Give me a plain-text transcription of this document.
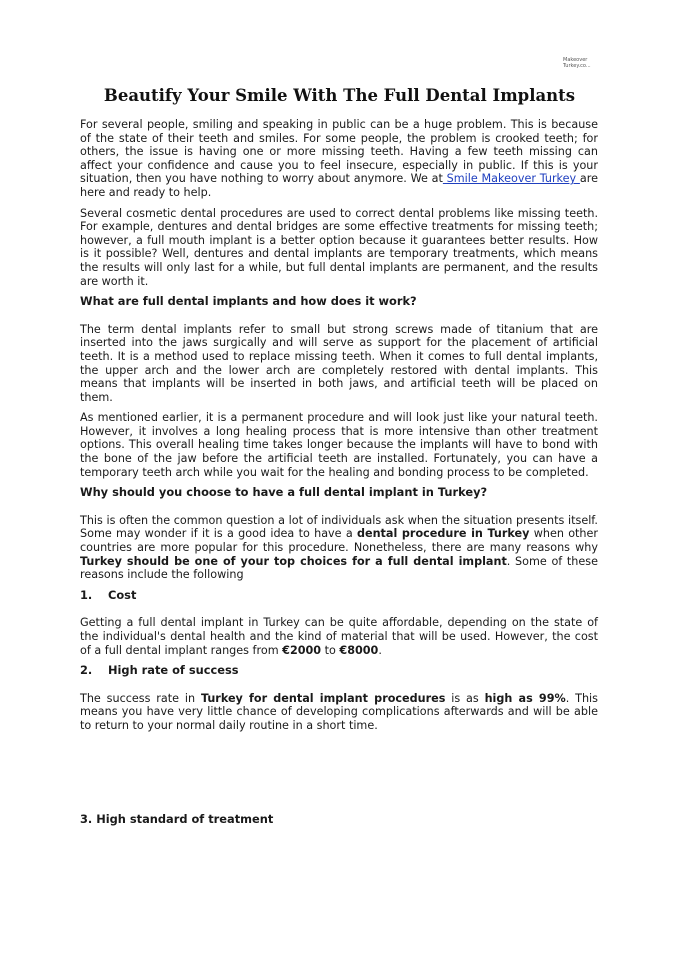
Makeover
Turkey.co...
Beautify Your Smile With The Full Dental Implants

For several people, smiling and speaking in public can be a huge problem. This is because of the state of their teeth and smiles. For some people, the problem is crooked teeth; for others, the issue is having one or more missing teeth. Having a few teeth missing can affect your confidence and cause you to feel insecure, especially in public. If this is your situation, then you have nothing to worry about anymore. We at Smile Makeover Turkey are here and ready to help.

Several cosmetic dental procedures are used to correct dental problems like missing teeth. For example, dentures and dental bridges are some effective treatments for missing teeth; however, a full mouth implant is a better option because it guarantees better results. How is it possible? Well, dentures and dental implants are temporary treatments, which means the results will only last for a while, but full dental implants are permanent, and the results are worth it.

What are full dental implants and how does it work?

The term dental implants refer to small but strong screws made of titanium that are inserted into the jaws surgically and will serve as support for the placement of artificial teeth. It is a method used to replace missing teeth. When it comes to full dental implants, the upper arch and the lower arch are completely restored with dental implants. This means that implants will be inserted in both jaws, and artificial teeth will be placed on them.

As mentioned earlier, it is a permanent procedure and will look just like your natural teeth. However, it involves a long healing process that is more intensive than other treatment options. This overall healing time takes longer because the implants will have to bond with the bone of the jaw before the artificial teeth are installed. Fortunately, you can have a temporary teeth arch while you wait for the healing and bonding process to be completed.

Why should you choose to have a full dental implant in Turkey?

This is often the common question a lot of individuals ask when the situation presents itself. Some may wonder if it is a good idea to have a dental procedure in Turkey when other countries are more popular for this procedure. Nonetheless, there are many reasons why Turkey should be one of your top choices for a full dental implant. Some of these reasons include the following

1. Cost

Getting a full dental implant in Turkey can be quite affordable, depending on the state of the individual's dental health and the kind of material that will be used. However, the cost of a full dental implant ranges from €2000 to €8000.

2. High rate of success

The success rate in Turkey for dental implant procedures is as high as 99%. This means you have very little chance of developing complications afterwards and will be able to return to your normal daily routine in a short time.

3. High standard of treatment
